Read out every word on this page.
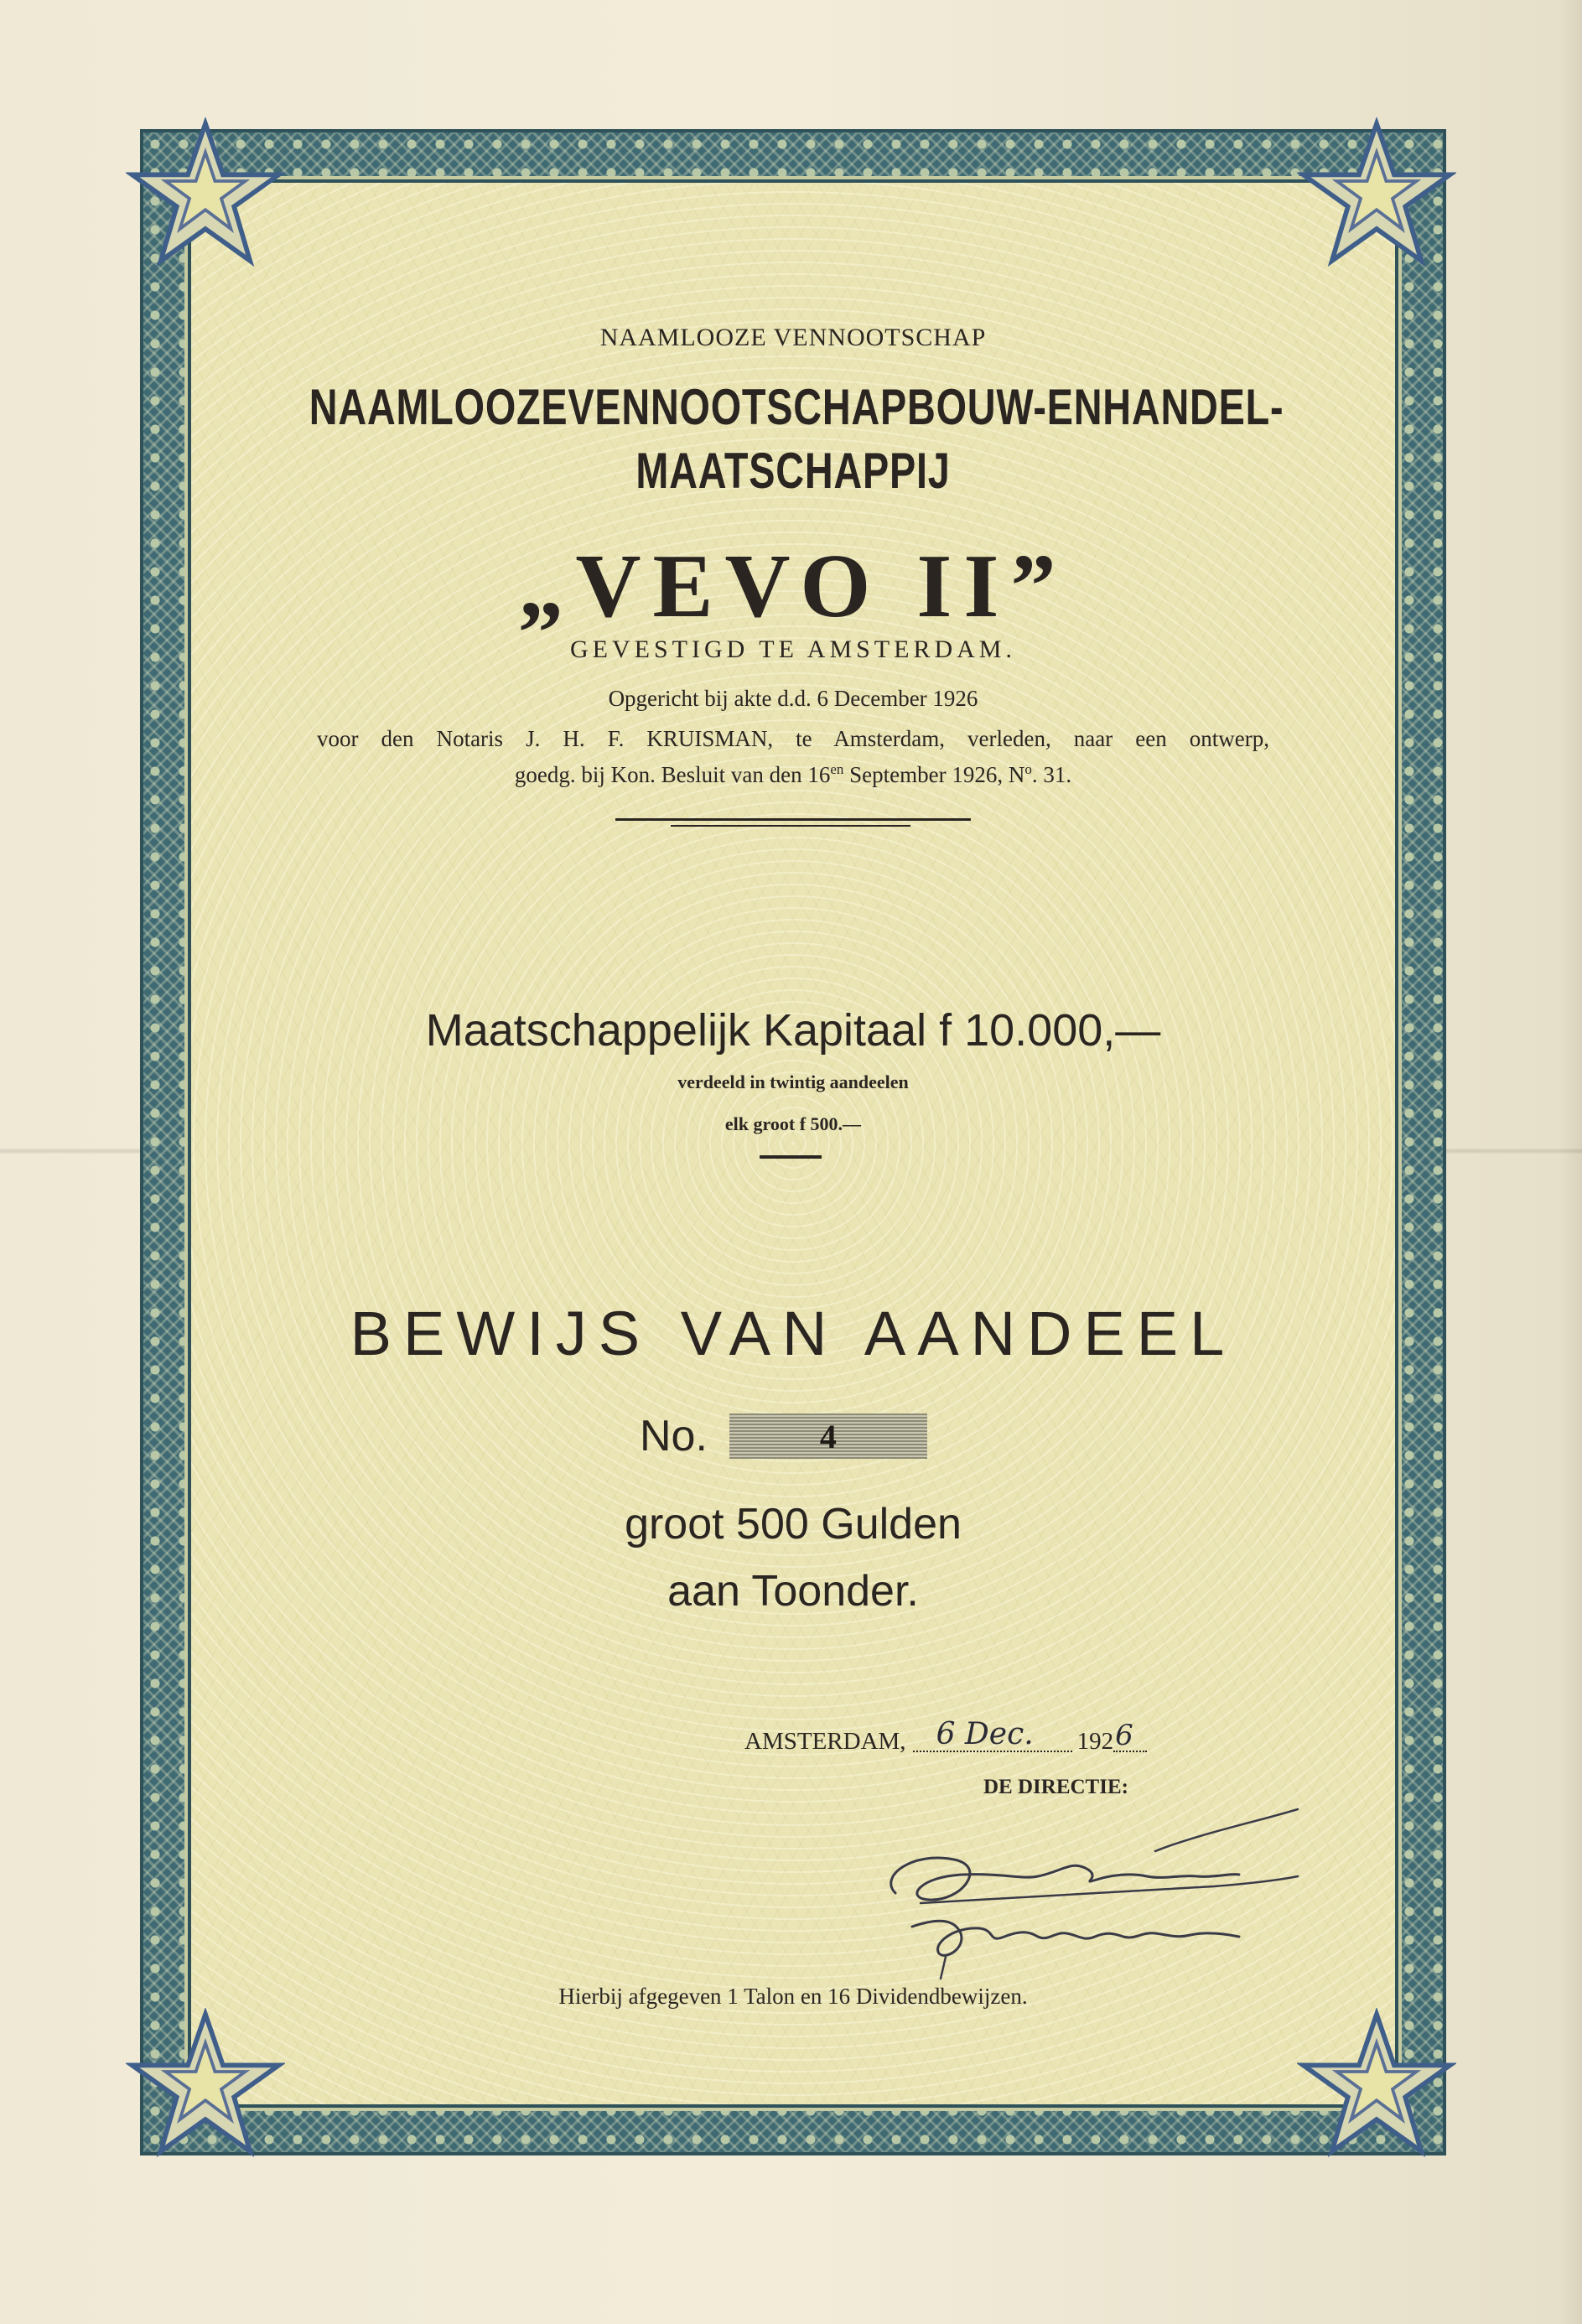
NAAMLOOZE VENNOOTSCHAP
NAAMLOOZE VENNOOTSCHAP BOUW- EN HANDEL-
MAATSCHAPPIJ
„VEVO II”
GEVESTIGD TE AMSTERDAM.
Opgericht bij akte d.d. 6 December 1926
voor den Notaris J. H. F. KRUISMAN, te Amsterdam, verleden, naar een ontwerp,
goedg. bij Kon. Besluit van den $16^{en}$ September 1926, $N^o$. 31.
Maatschappelijk Kapitaal f 10.000,—
verdeeld in twintig aandeelen
elk groot f 500.—
BEWIJS VAN AANDEEL
No.	4
groot 500 Gulden
aan Toonder.
AMSTERDAM, 6 Dec. 192 6
DE DIRECTIE:
Hierbij afgegeven 1 Talon en 16 Dividendbewijzen.
